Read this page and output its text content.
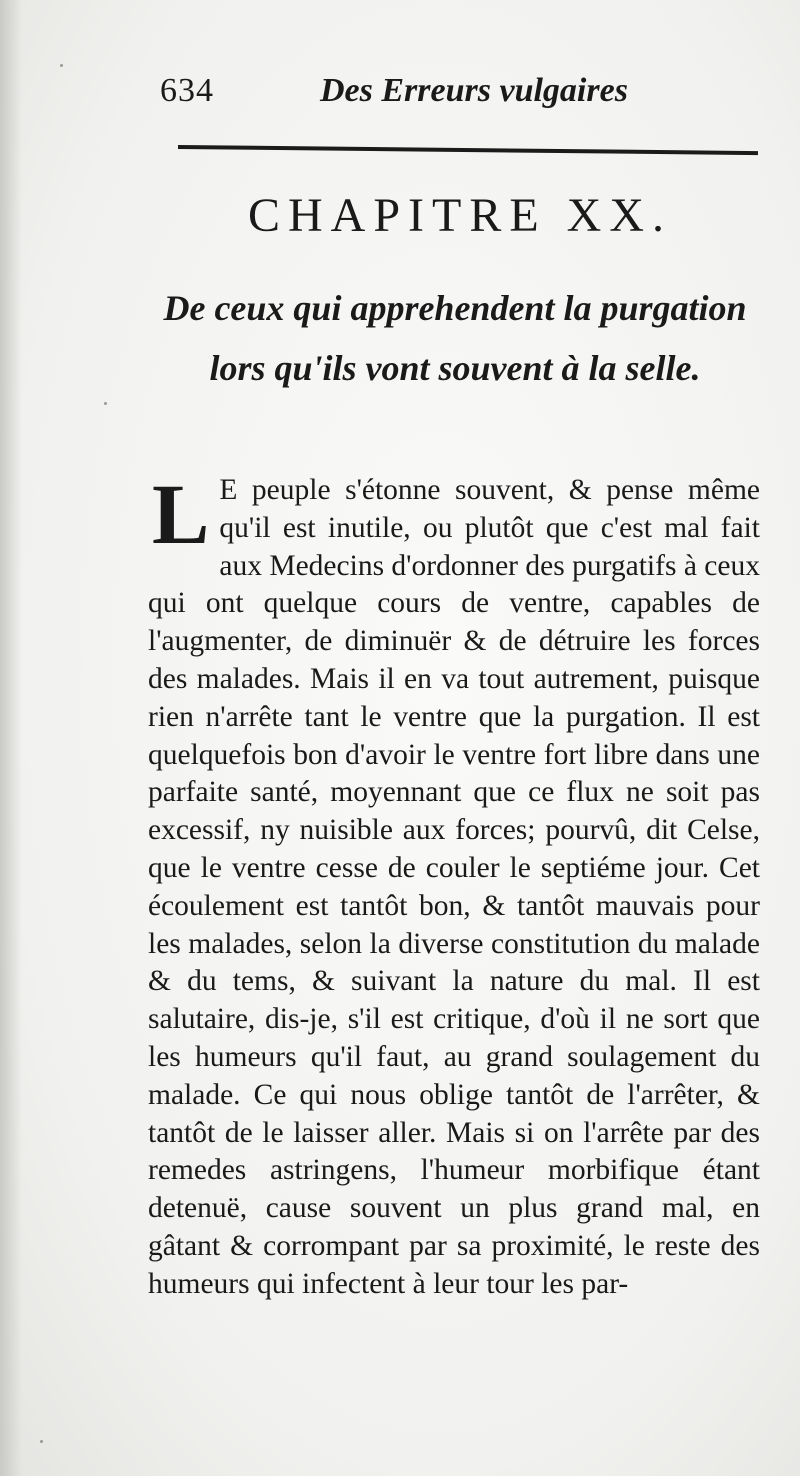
634	Des Erreurs vulgaires
CHAPITRE XX.
De ceux qui apprehendent la purgation lors qu'ils vont souvent à la selle.
L E peuple s'étonne souvent, & pense même qu'il est inutile, ou plutôt que c'est mal fait aux Medecins d'ordonner des purgatifs à ceux qui ont quelque cours de ventre, capables de l'augmenter, de diminuër & de détruire les forces des malades. Mais il en va tout autrement, puisque rien n'arrête tant le ventre que la purgation. Il est quelquefois bon d'avoir le ventre fort libre dans une parfaite santé, moyennant que ce flux ne soit pas excessif, ny nuisible aux forces; pourvû, dit Celse, que le ventre cesse de couler le septiéme jour. Cet écoulement est tantôt bon, & tantôt mauvais pour les malades, selon la diverse constitution du malade & du tems, & suivant la nature du mal. Il est salutaire, dis-je, s'il est critique, d'où il ne sort que les humeurs qu'il faut, au grand soulagement du malade. Ce qui nous oblige tantôt de l'arrêter, & tantôt de le laisser aller. Mais si on l'arrête par des remedes astringens, l'humeur morbifique étant detenuë, cause souvent un plus grand mal, en gâtant & corrompant par sa proximité, le reste des humeurs qui infectent à leur tour les par-
